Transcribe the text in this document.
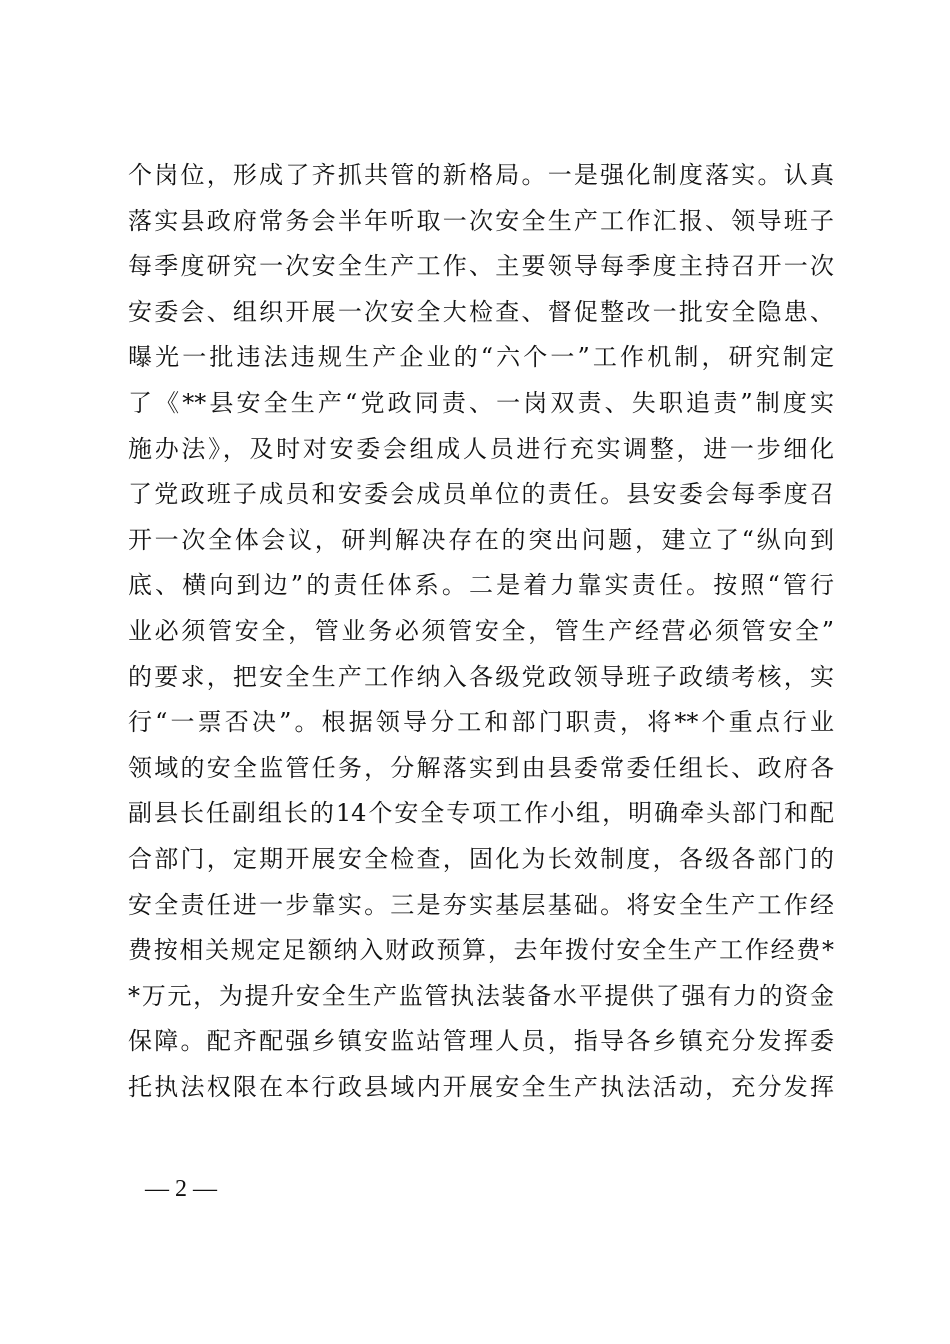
个岗位，形成了齐抓共管的新格局。一是强化制度落实。认真
落实县政府常务会半年听取一次安全生产工作汇报、领导班子
每季度研究一次安全生产工作、主要领导每季度主持召开一次
安委会、组织开展一次安全大检查、督促整改一批安全隐患、
曝光一批违法违规生产企业的“六个一”工作机制，研究制定
了《**县安全生产“党政同责、一岗双责、失职追责”制度实
施办法》，及时对安委会组成人员进行充实调整，进一步细化
了党政班子成员和安委会成员单位的责任。县安委会每季度召
开一次全体会议，研判解决存在的突出问题，建立了“纵向到
底、横向到边”的责任体系。二是着力靠实责任。按照“管行
业必须管安全，管业务必须管安全，管生产经营必须管安全”
的要求，把安全生产工作纳入各级党政领导班子政绩考核，实
行“一票否决”。根据领导分工和部门职责，将**个重点行业
领域的安全监管任务，分解落实到由县委常委任组长、政府各
副县长任副组长的14个安全专项工作小组，明确牵头部门和配
合部门，定期开展安全检查，固化为长效制度，各级各部门的
安全责任进一步靠实。三是夯实基层基础。将安全生产工作经
费按相关规定足额纳入财政预算，去年拨付安全生产工作经费*
*万元，为提升安全生产监管执法装备水平提供了强有力的资金
保障。配齐配强乡镇安监站管理人员，指导各乡镇充分发挥委
托执法权限在本行政县域内开展安全生产执法活动，充分发挥
— 2 —
